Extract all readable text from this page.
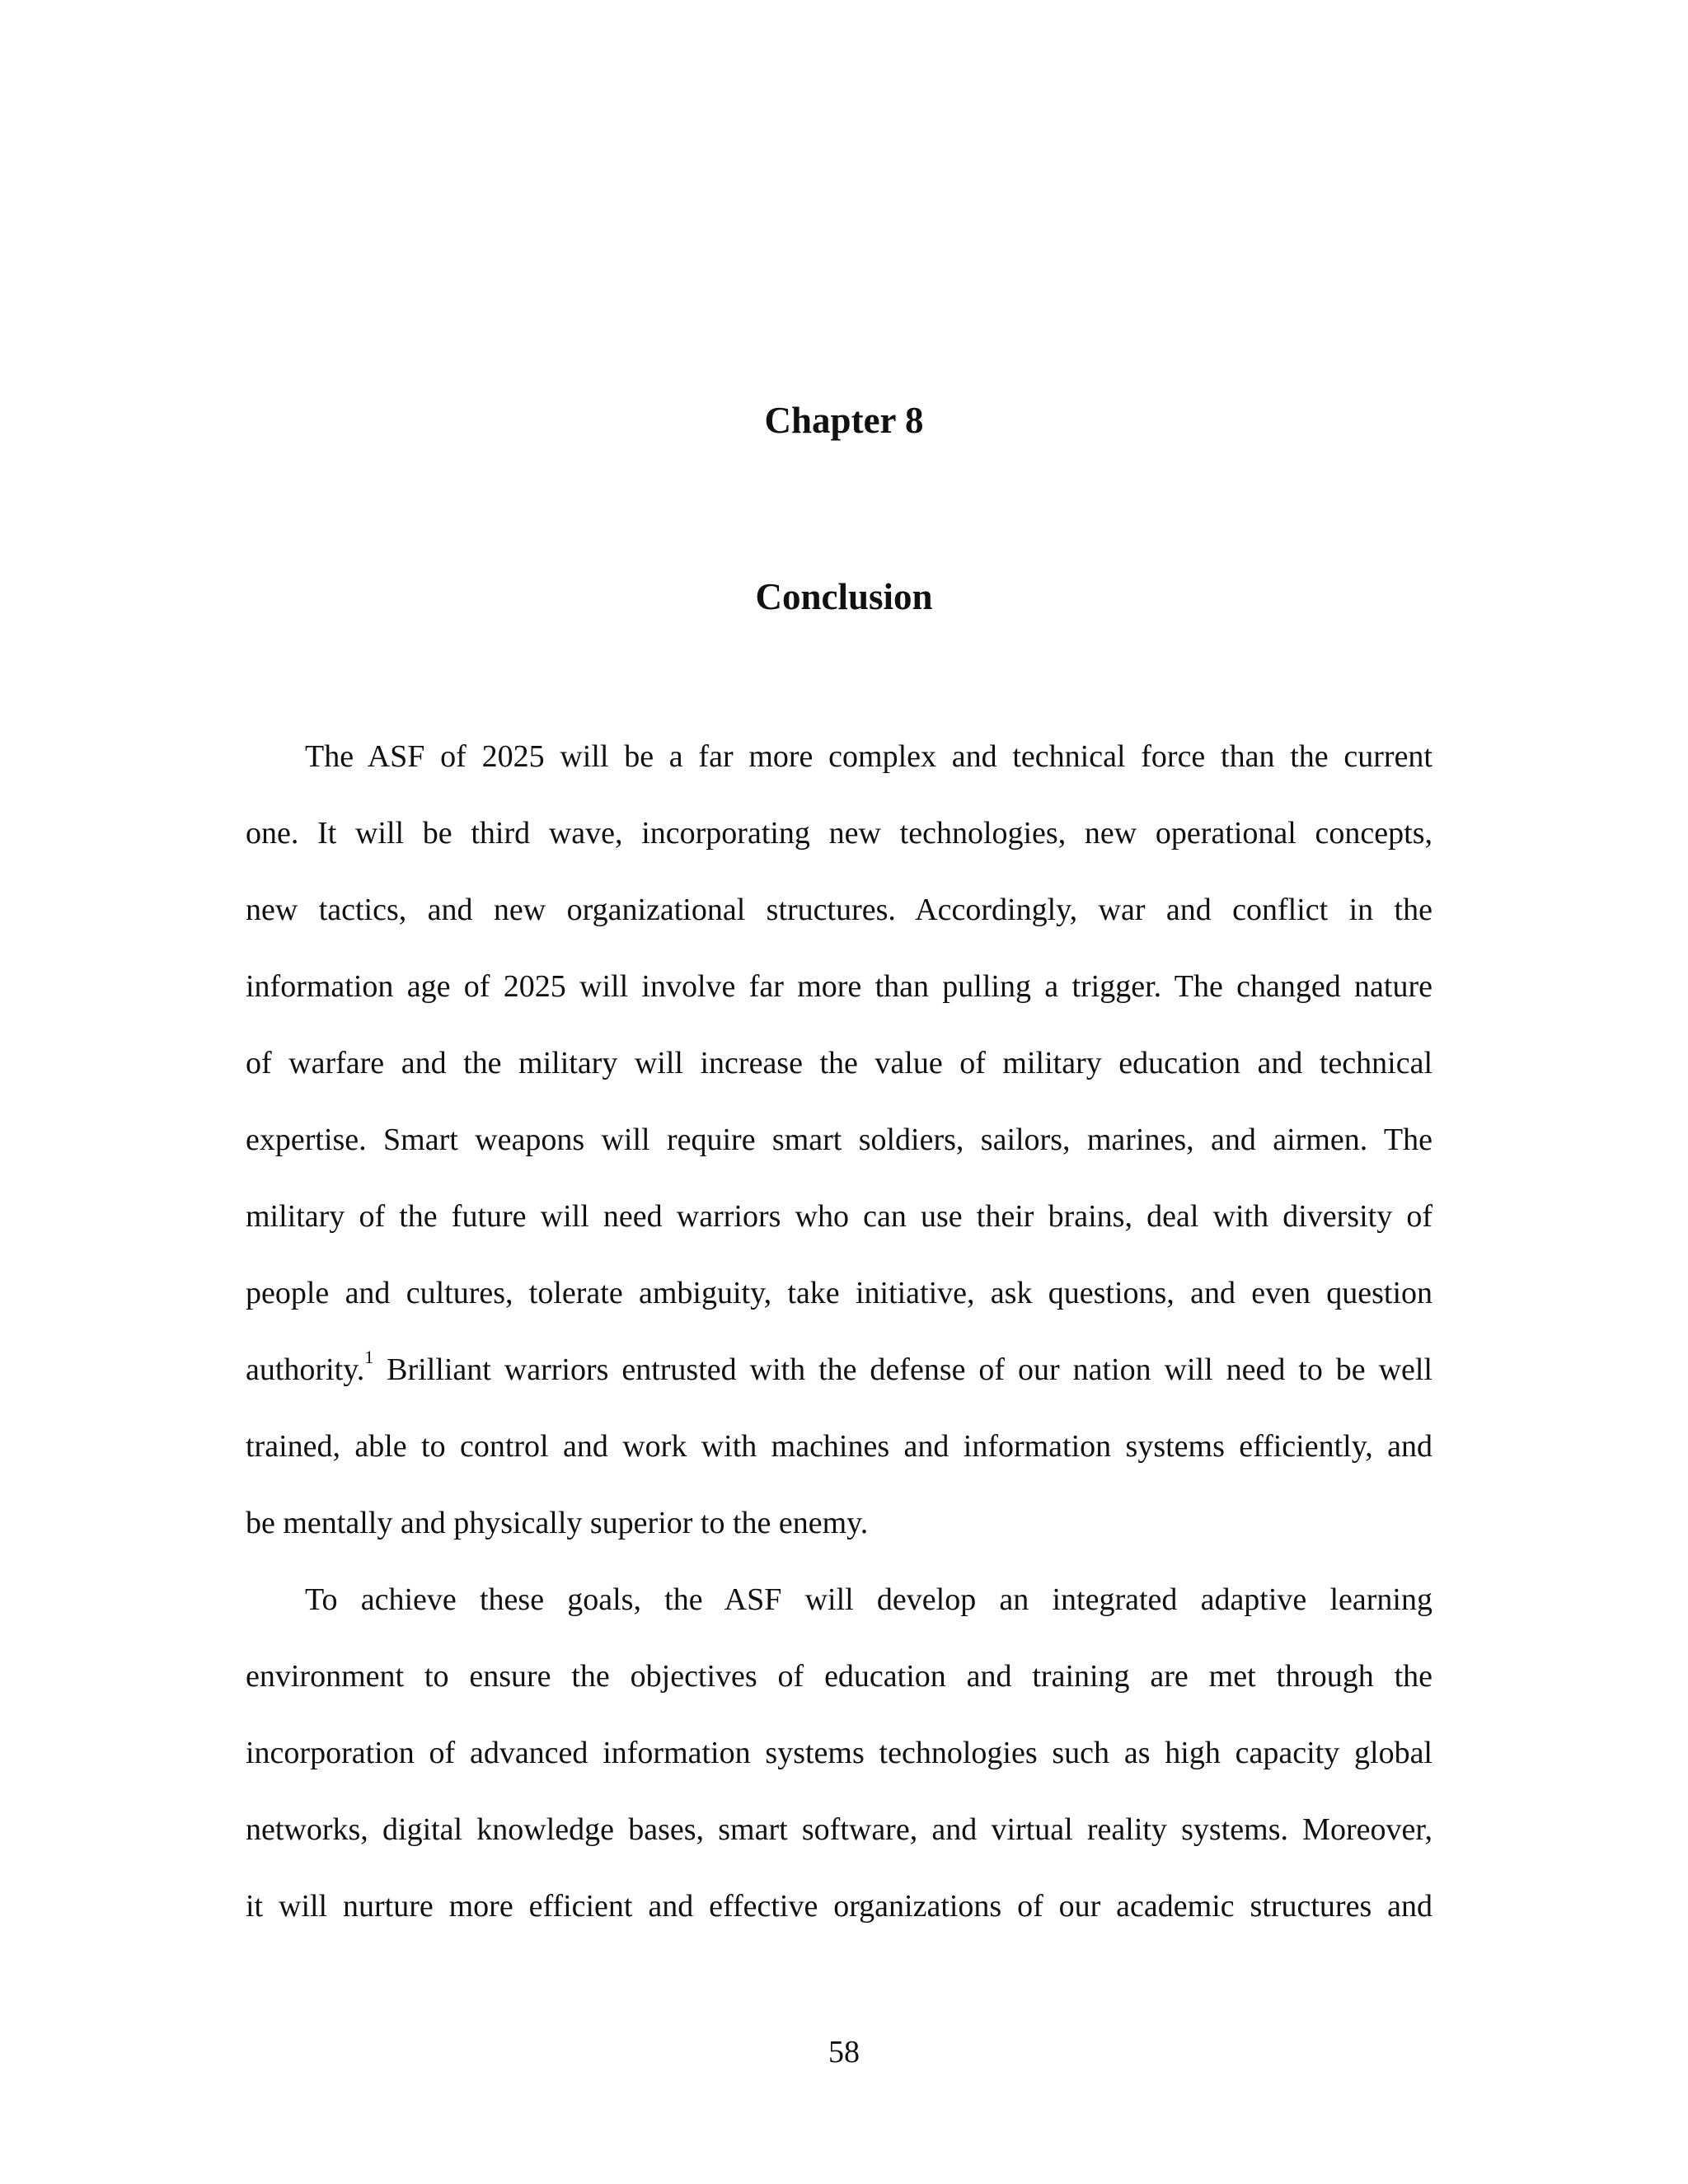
Chapter 8
Conclusion
The ASF of 2025 will be a far more complex and technical force than the current
one. It will be third wave, incorporating new technologies, new operational concepts,
new tactics, and new organizational structures. Accordingly, war and conflict in the
information age of 2025 will involve far more than pulling a trigger. The changed nature
of warfare and the military will increase the value of military education and technical
expertise. Smart weapons will require smart soldiers, sailors, marines, and airmen. The
military of the future will need warriors who can use their brains, deal with diversity of
people and cultures, tolerate ambiguity, take initiative, ask questions, and even question
authority.$^1$ Brilliant warriors entrusted with the defense of our nation will need to be well
trained, able to control and work with machines and information systems efficiently, and
be mentally and physically superior to the enemy.
To achieve these goals, the ASF will develop an integrated adaptive learning
environment to ensure the objectives of education and training are met through the
incorporation of advanced information systems technologies such as high capacity global
networks, digital knowledge bases, smart software, and virtual reality systems. Moreover,
it will nurture more efficient and effective organizations of our academic structures and
58
